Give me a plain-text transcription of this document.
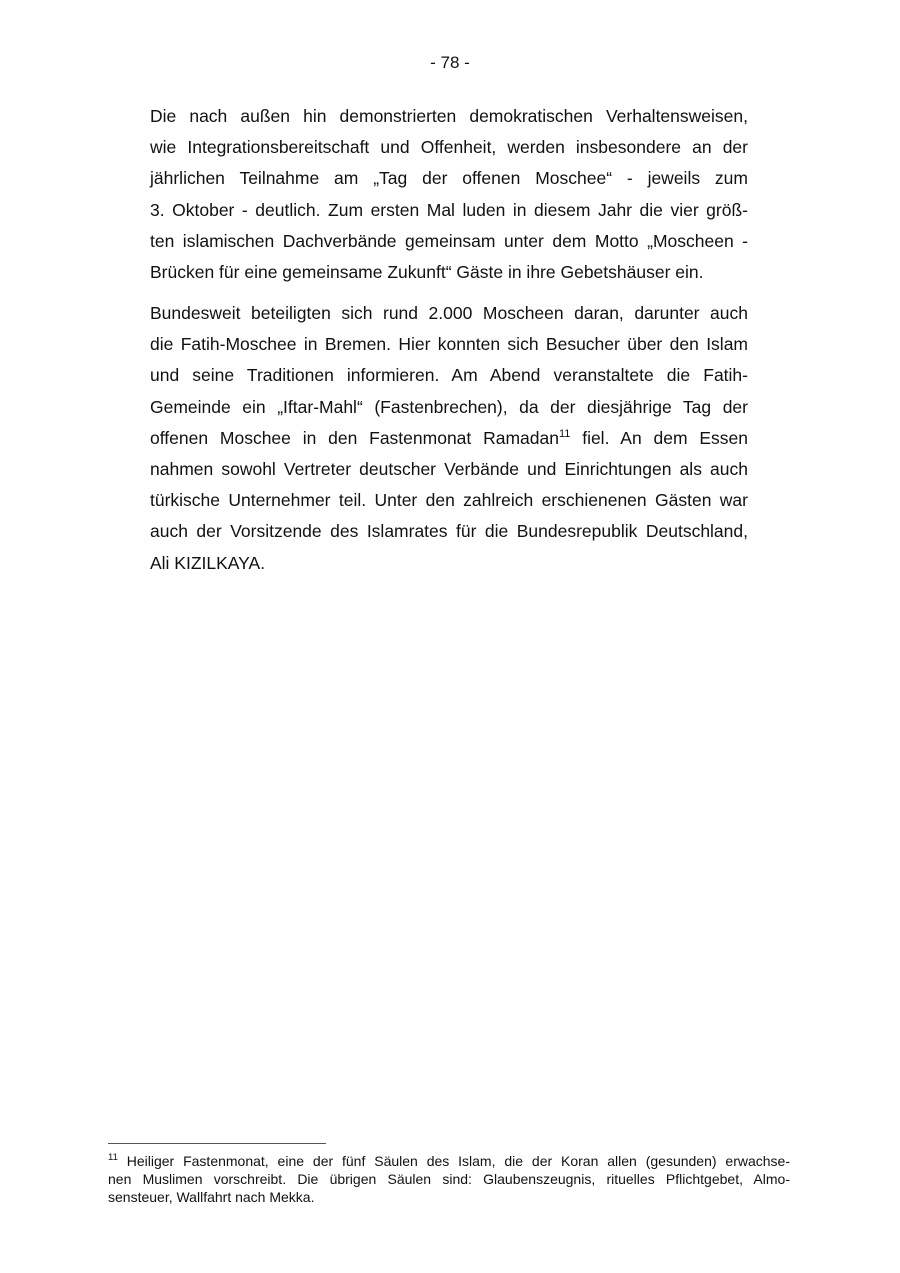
- 78 -
Die nach außen hin demonstrierten demokratischen Verhaltensweisen,
wie Integrationsbereitschaft und Offenheit, werden insbesondere an der
jährlichen Teilnahme am „Tag der offenen Moschee“ - jeweils zum
3. Oktober - deutlich. Zum ersten Mal luden in diesem Jahr die vier größ-
ten islamischen Dachverbände gemeinsam unter dem Motto „Moscheen -
Brücken für eine gemeinsame Zukunft“ Gäste in ihre Gebetshäuser ein.
Bundesweit beteiligten sich rund 2.000 Moscheen daran, darunter auch
die Fatih-Moschee in Bremen. Hier konnten sich Besucher über den Islam
und seine Traditionen informieren. Am Abend veranstaltete die Fatih-
Gemeinde ein „Iftar-Mahl“ (Fastenbrechen), da der diesjährige Tag der
offenen Moschee in den Fastenmonat Ramadan$^{11}$ fiel. An dem Essen
nahmen sowohl Vertreter deutscher Verbände und Einrichtungen als auch
türkische Unternehmer teil. Unter den zahlreich erschienenen Gästen war
auch der Vorsitzende des Islamrates für die Bundesrepublik Deutschland,
Ali KIZILKAYA.
$^{11}$ Heiliger Fastenmonat, eine der fünf Säulen des Islam, die der Koran allen (gesunden) erwachse-
nen Muslimen vorschreibt. Die übrigen Säulen sind: Glaubenszeugnis, rituelles Pflichtgebet, Almo-
sensteuer, Wallfahrt nach Mekka.
